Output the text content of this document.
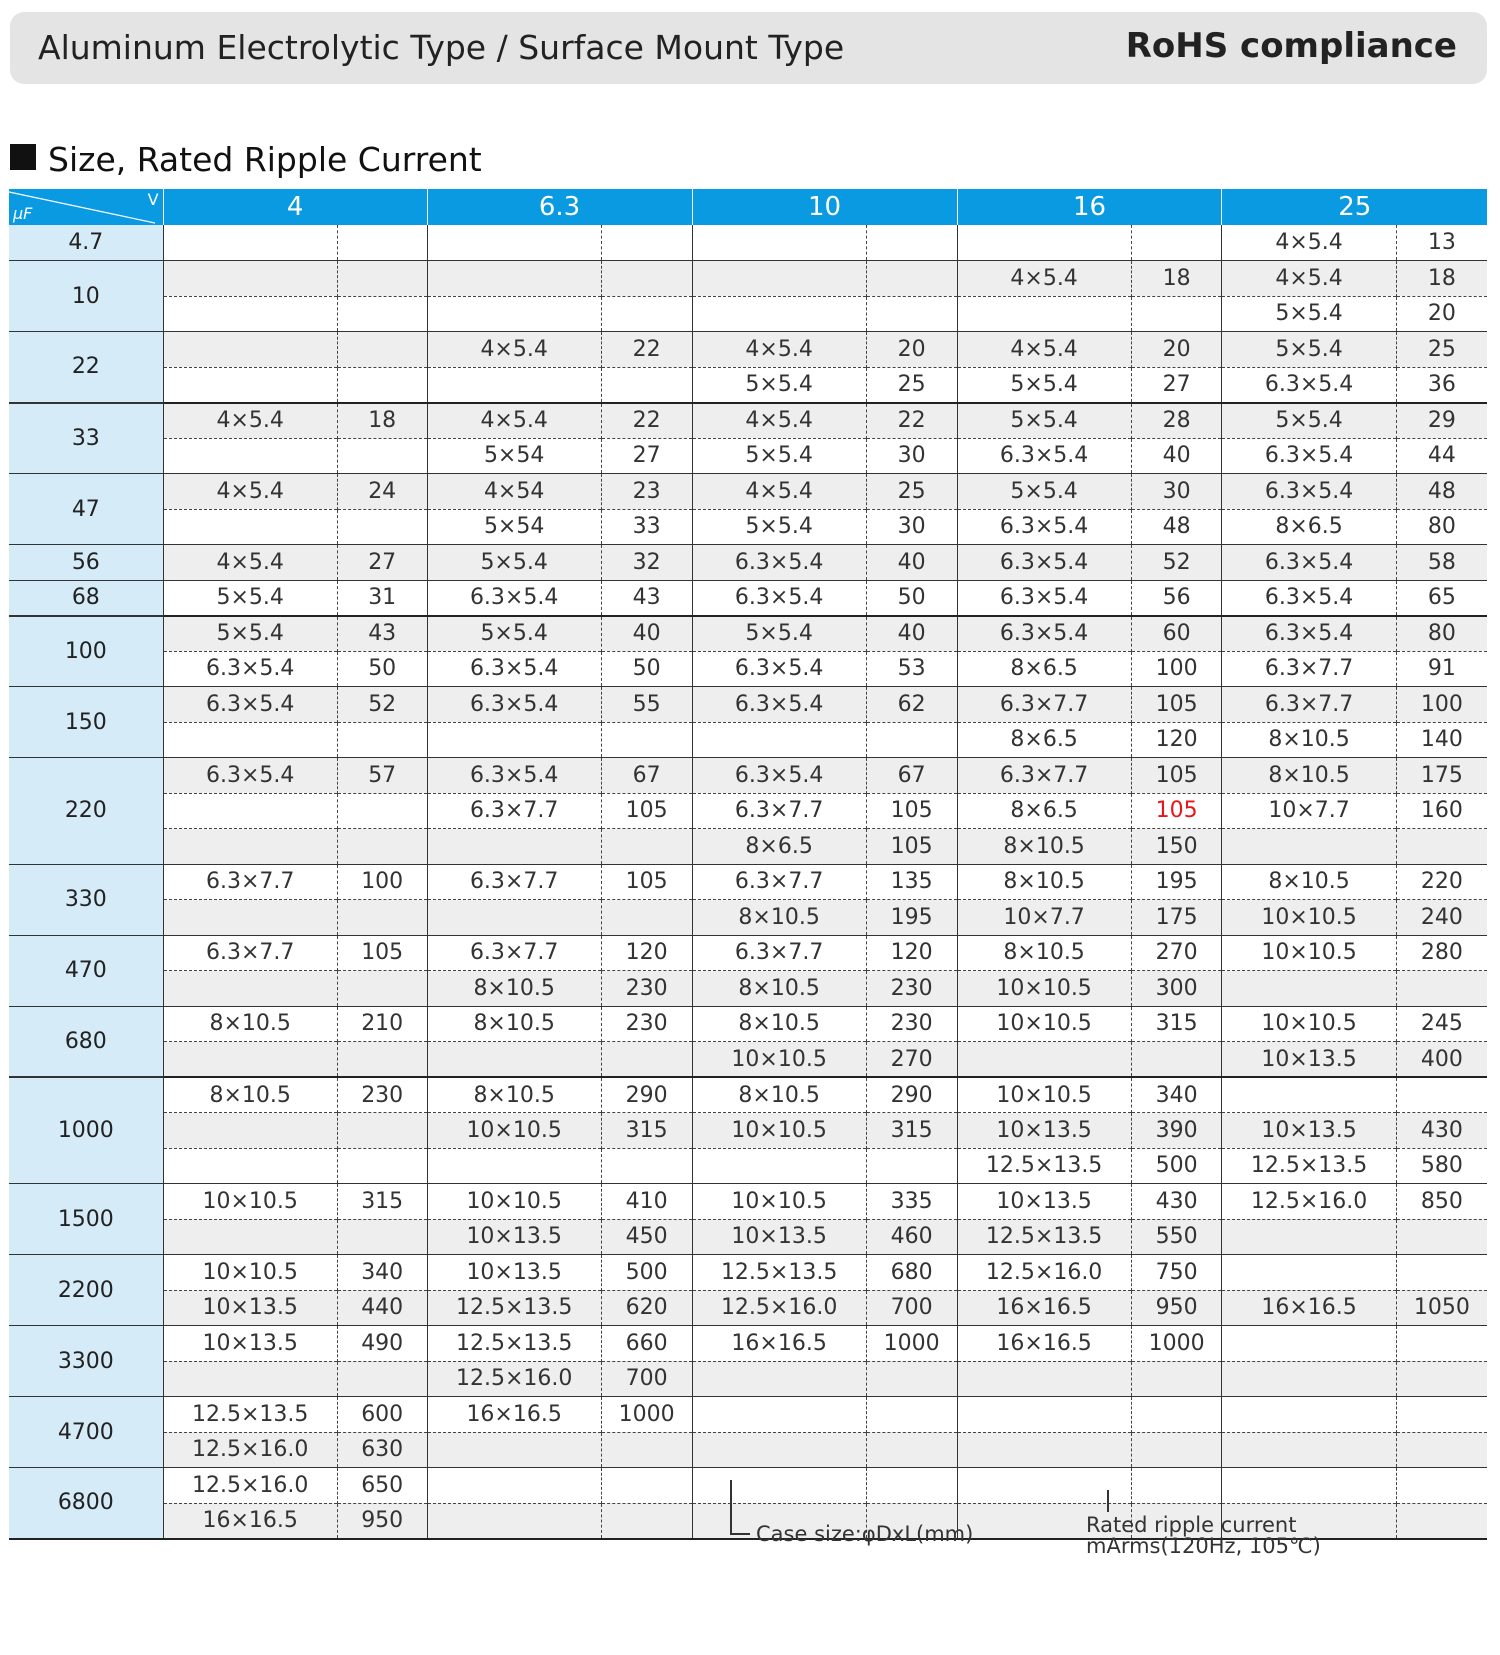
Aluminum Electrolytic Type / Surface Mount Type	RoHS compliance
Size, Rated Ripple Current
V
μF	4		6.3		10		16		25	
4.7									4×5.4	13
10							4×5.4	18	4×5.4	18
									5×5.4	20
22			4×5.4	22	4×5.4	20	4×5.4	20	5×5.4	25
					5×5.4	25	5×5.4	27	6.3×5.4	36
33	4×5.4	18	4×5.4	22	4×5.4	22	5×5.4	28	5×5.4	29
			5×54	27	5×5.4	30	6.3×5.4	40	6.3×5.4	44
47	4×5.4	24	4×54	23	4×5.4	25	5×5.4	30	6.3×5.4	48
			5×54	33	5×5.4	30	6.3×5.4	48	8×6.5	80
56	4×5.4	27	5×5.4	32	6.3×5.4	40	6.3×5.4	52	6.3×5.4	58
68	5×5.4	31	6.3×5.4	43	6.3×5.4	50	6.3×5.4	56	6.3×5.4	65
100	5×5.4	43	5×5.4	40	5×5.4	40	6.3×5.4	60	6.3×5.4	80
	6.3×5.4	50	6.3×5.4	50	6.3×5.4	53	8×6.5	100	6.3×7.7	91
150	6.3×5.4	52	6.3×5.4	55	6.3×5.4	62	6.3×7.7	105	6.3×7.7	100
							8×6.5	120	8×10.5	140
220	6.3×5.4	57	6.3×5.4	67	6.3×5.4	67	6.3×7.7	105	8×10.5	175
			6.3×7.7	105	6.3×7.7	105	8×6.5	105	10×7.7	160
					8×6.5	105	8×10.5	150		
330	6.3×7.7	100	6.3×7.7	105	6.3×7.7	135	8×10.5	195	8×10.5	220
					8×10.5	195	10×7.7	175	10×10.5	240
470	6.3×7.7	105	6.3×7.7	120	6.3×7.7	120	8×10.5	270	10×10.5	280
			8×10.5	230	8×10.5	230	10×10.5	300		
680	8×10.5	210	8×10.5	230	8×10.5	230	10×10.5	315	10×10.5	245
					10×10.5	270			10×13.5	400
1000	8×10.5	230	8×10.5	290	8×10.5	290	10×10.5	340		
			10×10.5	315	10×10.5	315	10×13.5	390	10×13.5	430
							12.5×13.5	500	12.5×13.5	580
1500	10×10.5	315	10×10.5	410	10×10.5	335	10×13.5	430	12.5×16.0	850
			10×13.5	450	10×13.5	460	12.5×13.5	550		
2200	10×10.5	340	10×13.5	500	12.5×13.5	680	12.5×16.0	750		
	10×13.5	440	12.5×13.5	620	12.5×16.0	700	16×16.5	950	16×16.5	1050
3300	10×13.5	490	12.5×13.5	660	16×16.5	1000	16×16.5	1000		
			12.5×16.0	700						
4700	12.5×13.5	600	16×16.5	1000						
	12.5×16.0	630								
6800	12.5×16.0	650								
	16×16.5	950								
Case size:φDxL(mm)	Rated ripple current
mArms(120Hz, 105℃)
